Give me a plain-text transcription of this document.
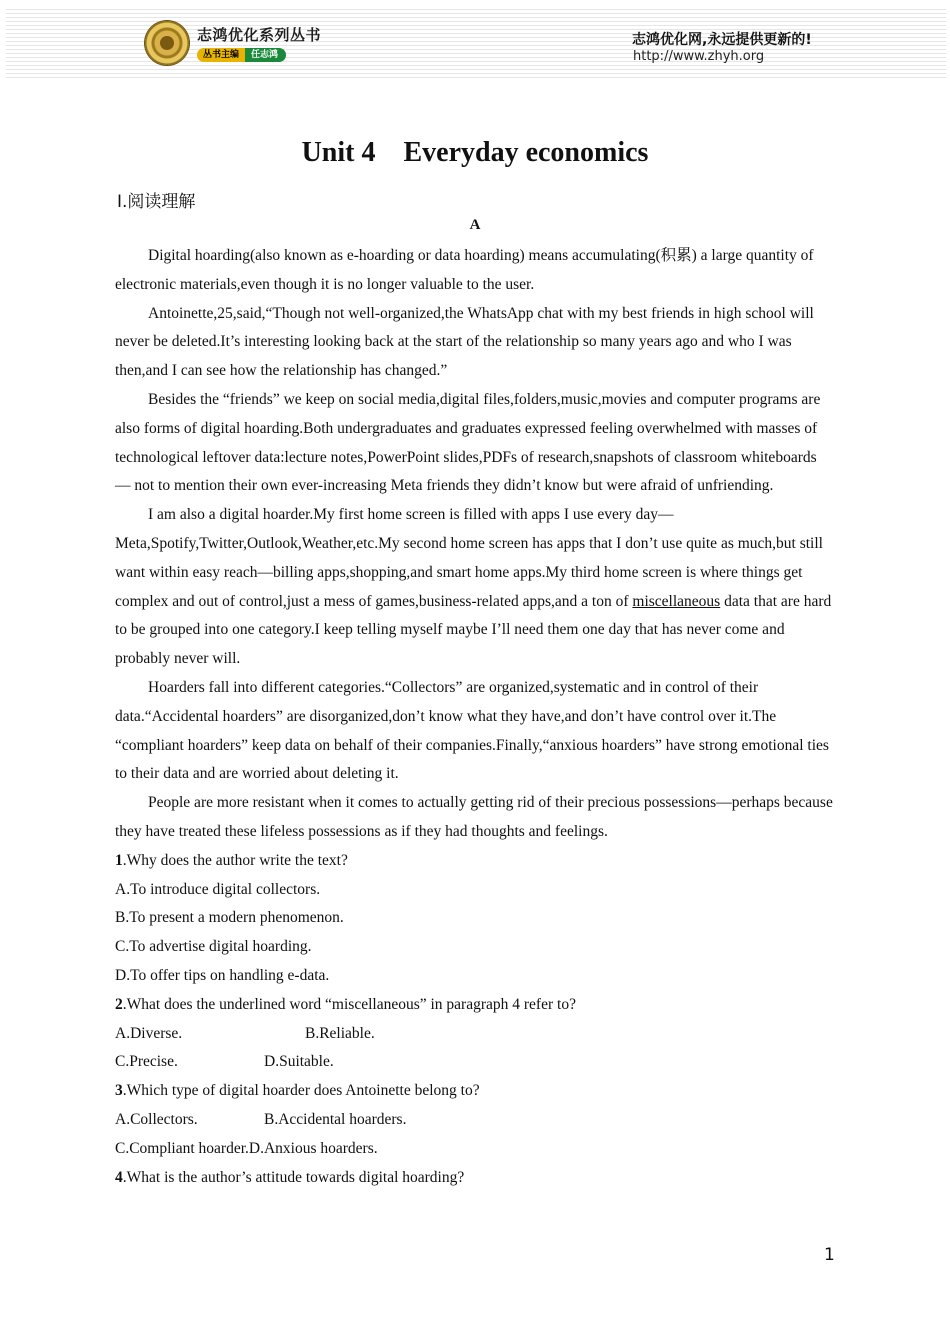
志鸿优化系列丛书
丛书主编	任志鸿
志鸿优化网,永远提供更新的!
http://www.zhyh.org
Unit 4    Everyday economics
Ⅰ.阅读理解
A

Digital hoarding(also known as e-hoarding or data hoarding) means accumulating(积累) a large quantity of electronic materials,even though it is no longer valuable to the user.

Antoinette,25,said,“Though not well-organized,the WhatsApp chat with my best friends in high school will never be deleted.It’s interesting looking back at the start of the relationship so many years ago and who I was then,and I can see how the relationship has changed.”

Besides the “friends” we keep on social media,digital files,folders,music,movies and computer programs are also forms of digital hoarding.Both undergraduates and graduates expressed feeling overwhelmed with masses of technological leftover data:lecture notes,PowerPoint slides,PDFs of research,snapshots of classroom whiteboards — not to mention their own ever-increasing Meta friends they didn’t know but were afraid of unfriending.

I am also a digital hoarder.My first home screen is filled with apps I use every day—Meta,Spotify,Twitter,Outlook,Weather,etc.My second home screen has apps that I don’t use quite as much,but still want within easy reach—billing apps,shopping,and smart home apps.My third home screen is where things get complex and out of control,just a mess of games,business-related apps,and a ton of miscellaneous data that are hard to be grouped into one category.I keep telling myself maybe I’ll need them one day that has never come and probably never will.

Hoarders fall into different categories.“Collectors” are organized,systematic and in control of their data.“Accidental hoarders” are disorganized,don’t know what they have,and don’t have control over it.The “compliant hoarders” keep data on behalf of their companies.Finally,“anxious hoarders” have strong emotional ties to their data and are worried about deleting it.

People are more resistant when it comes to actually getting rid of their precious possessions—perhaps because they have treated these lifeless possessions as if they had thoughts and feelings.

1.Why does the author write the text?
A.To introduce digital collectors.
B.To present a modern phenomenon.
C.To advertise digital hoarding.
D.To offer tips on handling e-data.
2.What does the underlined word “miscellaneous” in paragraph 4 refer to?
A.Diverse.	B.Reliable.
C.Precise.	D.Suitable.
3.Which type of digital hoarder does Antoinette belong to?
A.Collectors.	B.Accidental hoarders.
C.Compliant hoarder. D.Anxious hoarders.
4.What is the author’s attitude towards digital hoarding?
1
